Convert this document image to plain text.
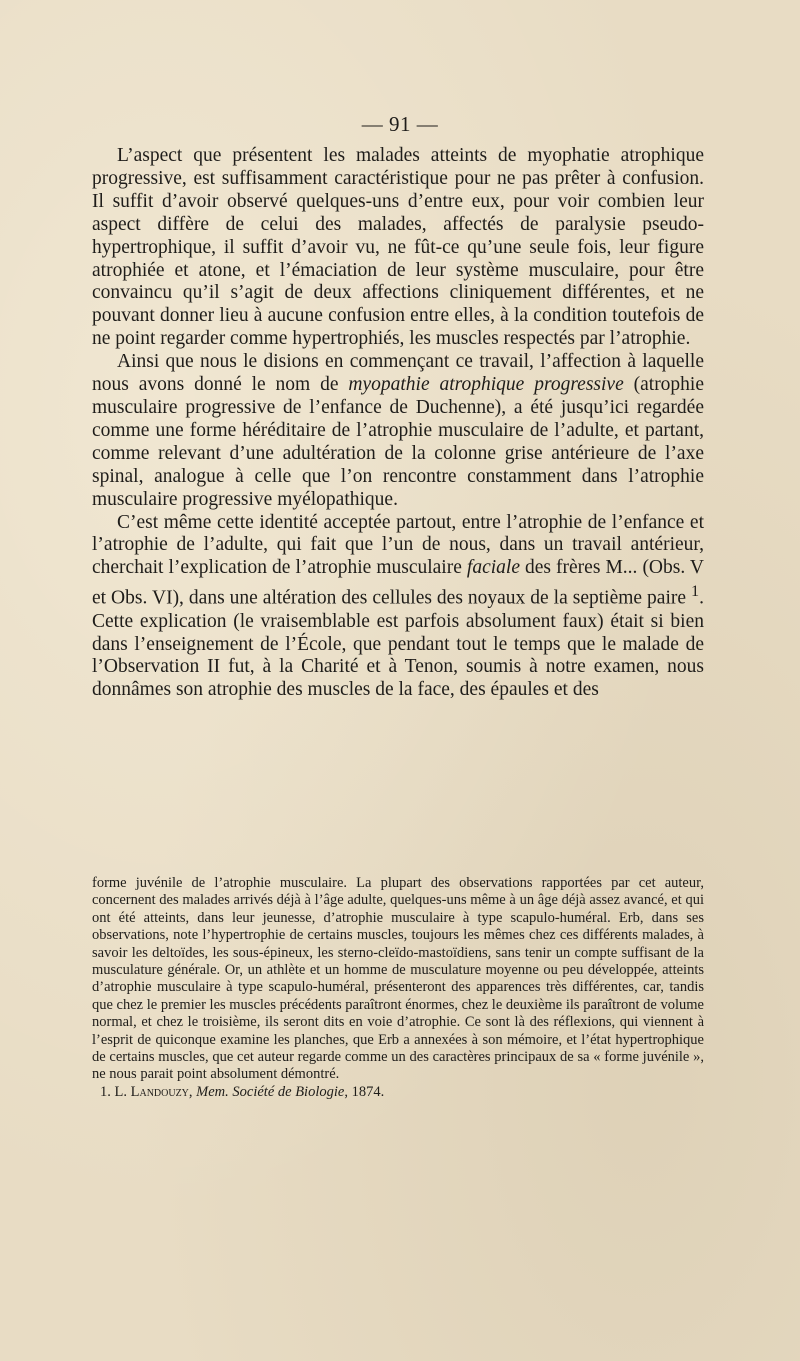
— 91 —

L’aspect que présentent les malades atteints de myophatie atrophique progressive, est suffisamment caractéristique pour ne pas prêter à confusion. Il suffit d’avoir observé quelques-uns d’entre eux, pour voir combien leur aspect diffère de celui des malades, affectés de paralysie pseudo-hypertrophique, il suffit d’avoir vu, ne fût-ce qu’une seule fois, leur figure atrophiée et atone, et l’émaciation de leur système musculaire, pour être convaincu qu’il s’agit de deux affections cliniquement différentes, et ne pouvant donner lieu à aucune confusion entre elles, à la condition toutefois de ne point regarder comme hypertrophiés, les muscles respectés par l’atrophie.

Ainsi que nous le disions en commençant ce travail, l’affection à laquelle nous avons donné le nom de myopathie atrophique progressive (atrophie musculaire progressive de l’enfance de Duchenne), a été jusqu’ici regardée comme une forme héréditaire de l’atrophie musculaire de l’adulte, et partant, comme relevant d’une adultération de la colonne grise antérieure de l’axe spinal, analogue à celle que l’on rencontre constamment dans l’atrophie musculaire progressive myélopathique.

C’est même cette identité acceptée partout, entre l’atrophie de l’enfance et l’atrophie de l’adulte, qui fait que l’un de nous, dans un travail antérieur, cherchait l’explication de l’atrophie musculaire faciale des frères M... (Obs. V et Obs. VI), dans une altération des cellules des noyaux de la septième paire $^1$. Cette explication (le vraisemblable est parfois absolument faux) était si bien dans l’enseignement de l’École, que pendant tout le temps que le malade de l’Observation II fut, à la Charité et à Tenon, soumis à notre examen, nous donnâmes son atrophie des muscles de la face, des épaules et des

forme juvénile de l’atrophie musculaire. La plupart des observations rapportées par cet auteur, concernent des malades arrivés déjà à l’âge adulte, quelques-uns même à un âge déjà assez avancé, et qui ont été atteints, dans leur jeunesse, d’atrophie musculaire à type scapulo-huméral. Erb, dans ses observations, note l’hypertrophie de certains muscles, toujours les mêmes chez ces différents malades, à savoir les deltoïdes, les sous-épineux, les sterno-cleïdo-mastoïdiens, sans tenir un compte suffisant de la musculature générale. Or, un athlète et un homme de musculature moyenne ou peu développée, atteints d’atrophie musculaire à type scapulo-huméral, présenteront des apparences très différentes, car, tandis que chez le premier les muscles précédents paraîtront énormes, chez le deuxième ils paraîtront de volume normal, et chez le troisième, ils seront dits en voie d’atrophie. Ce sont là des réflexions, qui viennent à l’esprit de quiconque examine les planches, que Erb a annexées à son mémoire, et l’état hypertrophique de certains muscles, que cet auteur regarde comme un des caractères principaux de sa « forme juvénile », ne nous parait point absolument démontré.

1. L. Landouzy, Mem. Société de Biologie, 1874.
